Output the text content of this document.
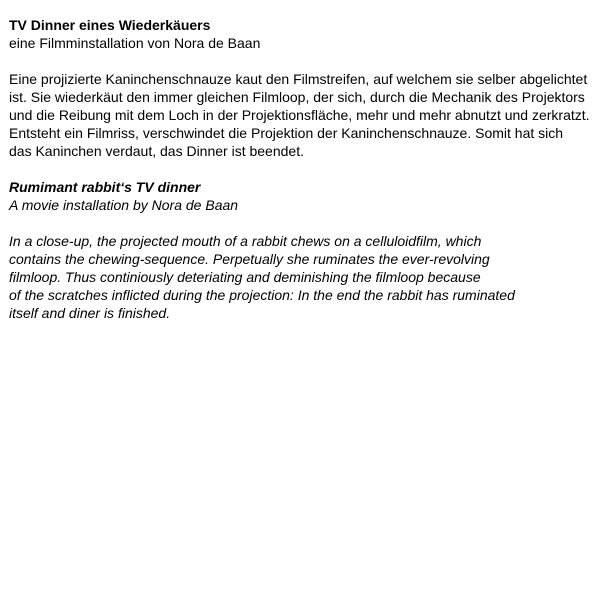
TV Dinner eines Wiederkäuers
eine Filmminstallation von Nora de Baan
Eine projizierte Kaninchenschnauze kaut den Filmstreifen, auf welchem sie selber abgelichtet
ist. Sie wiederkäut den immer gleichen Filmloop, der sich, durch die Mechanik des Projektors
und die Reibung mit dem Loch in der Projektionsfläche, mehr und mehr abnutzt und zerkratzt.
Entsteht ein Filmriss, verschwindet die Projektion der Kaninchenschnauze. Somit hat sich
das Kaninchen verdaut, das Dinner ist beendet.
Rumimant rabbit‘s TV dinner
A movie installation by Nora de Baan
In a close-up, the projected mouth of a rabbit chews on a celluloidfilm, which
contains the chewing-sequence. Perpetually she ruminates the ever-revolving
filmloop. Thus continiously deteriating and deminishing the filmloop because
of the scratches inflicted during the projection: In the end the rabbit has ruminated
itself and diner is finished.
